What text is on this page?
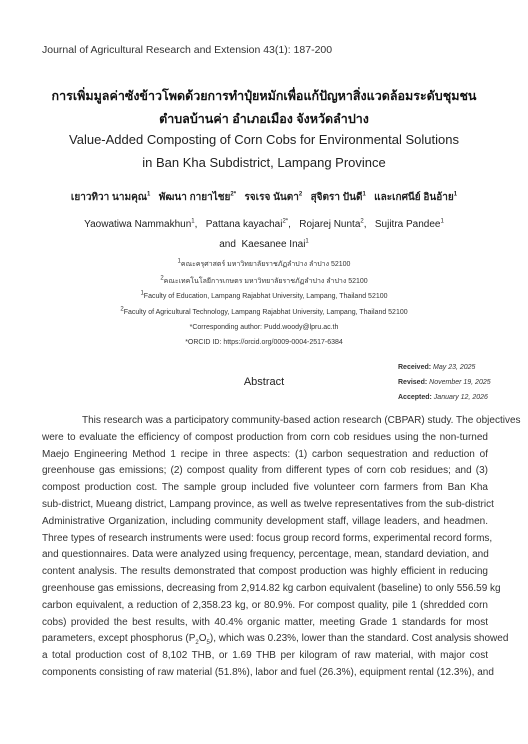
Journal of Agricultural Research and Extension 43(1): 187-200
การเพิ่มมูลค่าซังข้าวโพดด้วยการทำปุ๋ยหมักเพื่อแก้ปัญหาสิ่งแวดล้อมระดับชุมชน
ตำบลบ้านค่า อำเภอเมือง จังหวัดลำปาง
Value-Added Composting of Corn Cobs for Environmental Solutions
in Ban Kha Subdistrict, Lampang Province
เยาวทิวา นามคุณ$^1$ พัฒนา กายาไชย$^{2*}$ รจเรจ นันตา$^2$ สุจิตรา ปันดี$^1$ และเกศนีย์ อินอ้าย$^1$
Yaowatiwa Nammakhun$^1$, Pattana kayachai$^{2*}$, Rojarej Nunta$^2$, Sujitra Pandee$^1$
and Kaesanee Inai$^1$
$^1$คณะครุศาสตร์ มหาวิทยาลัยราชภัฏลำปาง ลำปาง 52100
$^2$คณะเทคโนโลยีการเกษตร มหาวิทยาลัยราชภัฏลำปาง ลำปาง 52100
$^1$Faculty of Education, Lampang Rajabhat University, Lampang, Thailand 52100
$^2$Faculty of Agricultural Technology, Lampang Rajabhat University, Lampang, Thailand 52100
*Corresponding author: Pudd.woody@lpru.ac.th
*ORCID ID: https://orcid.org/0009-0004-2517-6384
Received: May 23, 2025
Revised: November 19, 2025
Accepted: January 12, 2026
Abstract
This research was a participatory community-based action research (CBPAR) study. The objectives
were to evaluate the efficiency of compost production from corn cob residues using the non-turned
Maejo Engineering Method 1 recipe in three aspects: (1) carbon sequestration and reduction of
greenhouse gas emissions; (2) compost quality from different types of corn cob residues; and (3)
compost production cost. The sample group included five volunteer corn farmers from Ban Kha
sub-district, Mueang district, Lampang province, as well as twelve representatives from the sub-district
Administrative Organization, including community development staff, village leaders, and headmen.
Three types of research instruments were used: focus group record forms, experimental record forms,
and questionnaires. Data were analyzed using frequency, percentage, mean, standard deviation, and
content analysis. The results demonstrated that compost production was highly efficient in reducing
greenhouse gas emissions, decreasing from 2,914.82 kg carbon equivalent (baseline) to only 556.59 kg
carbon equivalent, a reduction of 2,358.23 kg, or 80.9%. For compost quality, pile 1 (shredded corn
cobs) provided the best results, with 40.4% organic matter, meeting Grade 1 standards for most
parameters, except phosphorus $(P_2O_5)$, which was 0.23%, lower than the standard. Cost analysis showed
a total production cost of 8,102 THB, or 1.69 THB per kilogram of raw material, with major cost
components consisting of raw material (51.8%), labor and fuel (26.3%), equipment rental (12.3%), and
